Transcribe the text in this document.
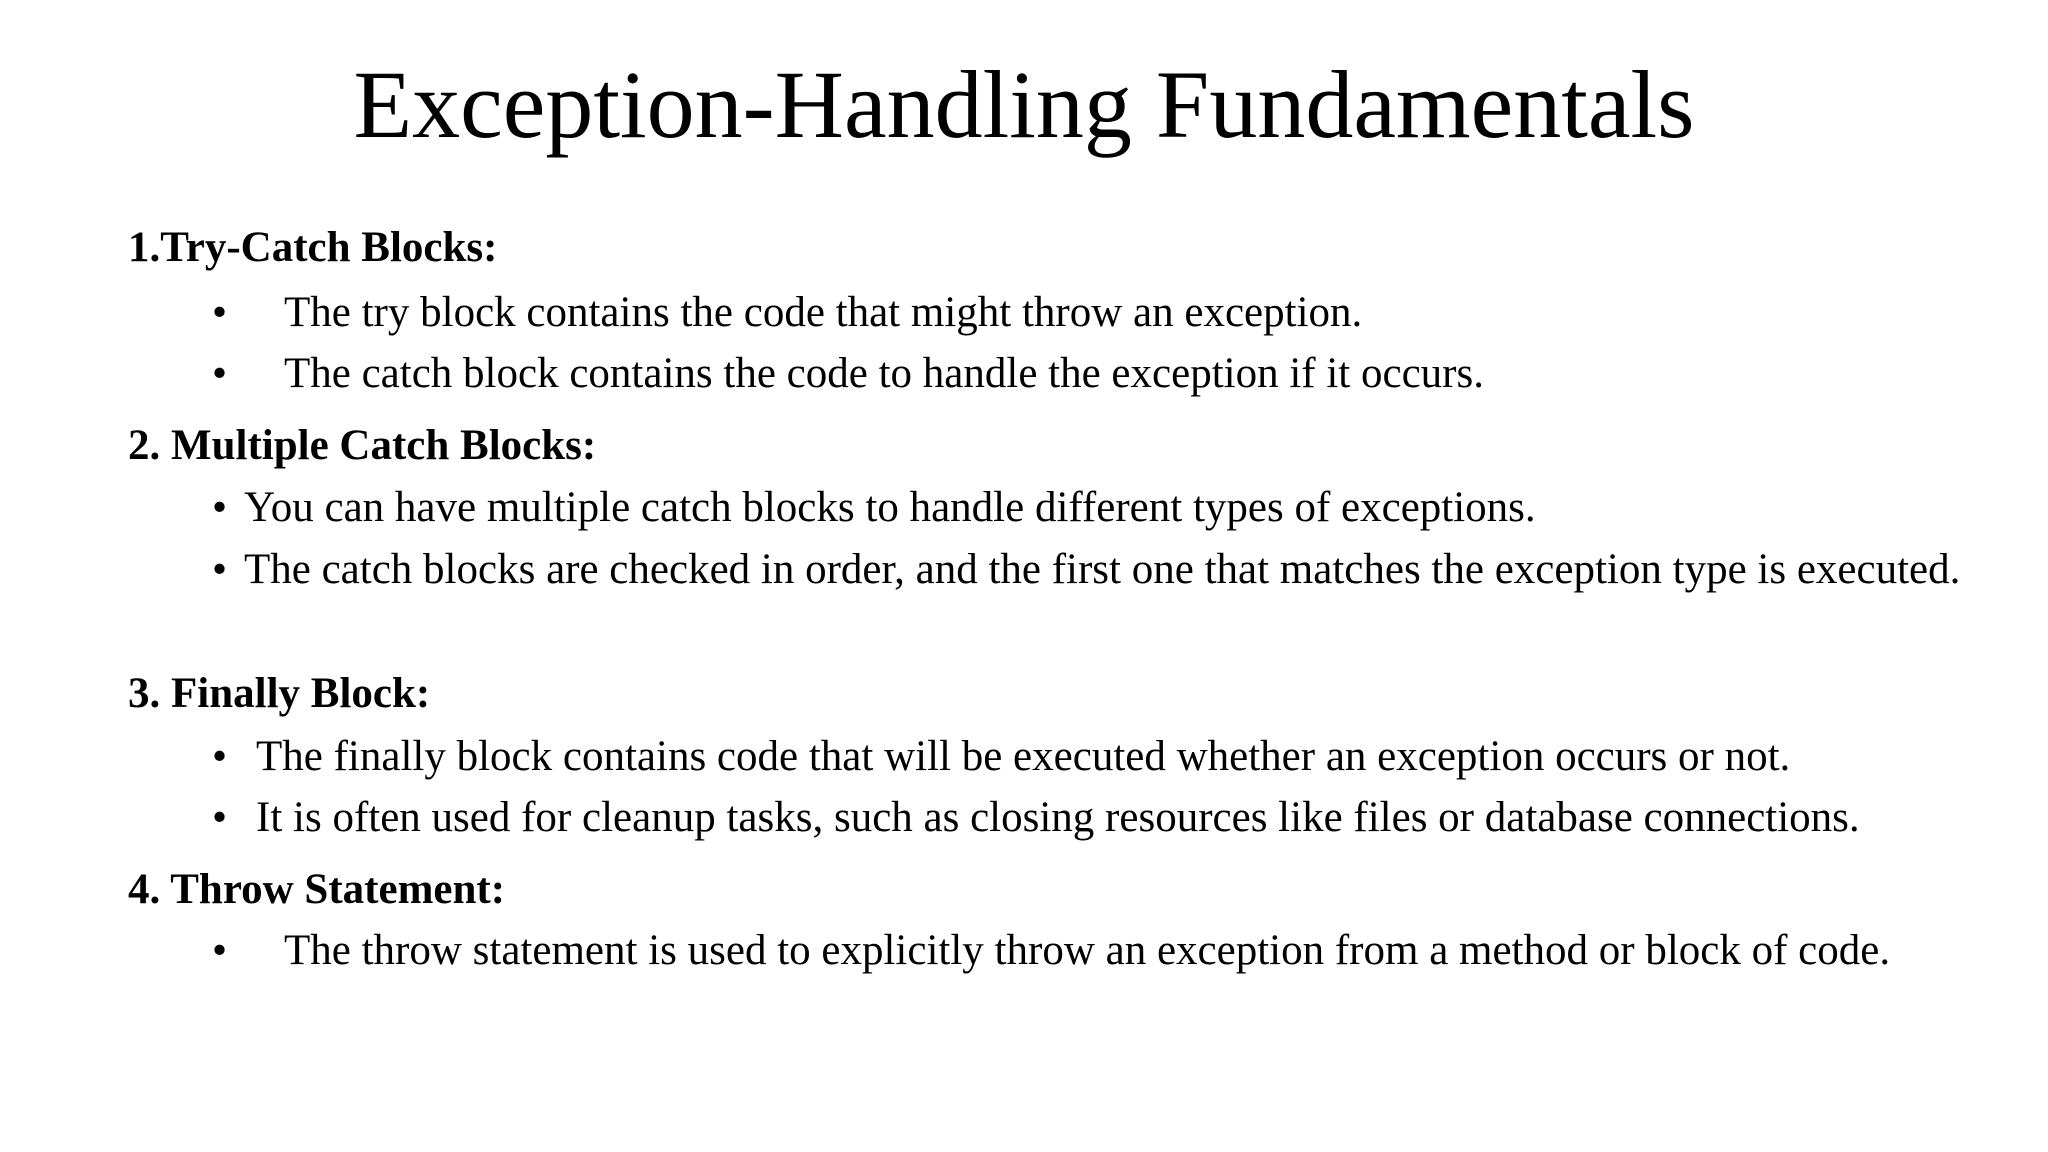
Exception-Handling Fundamentals
1.Try-Catch Blocks:
• The try block contains the code that might throw an exception.
• The catch block contains the code to handle the exception if it occurs.
2. Multiple Catch Blocks:
• You can have multiple catch blocks to handle different types of exceptions.
• The catch blocks are checked in order, and the first one that matches the exception type is executed.
3. Finally Block:
• The finally block contains code that will be executed whether an exception occurs or not.
• It is often used for cleanup tasks, such as closing resources like files or database connections.
4. Throw Statement:
• The throw statement is used to explicitly throw an exception from a method or block of code.
